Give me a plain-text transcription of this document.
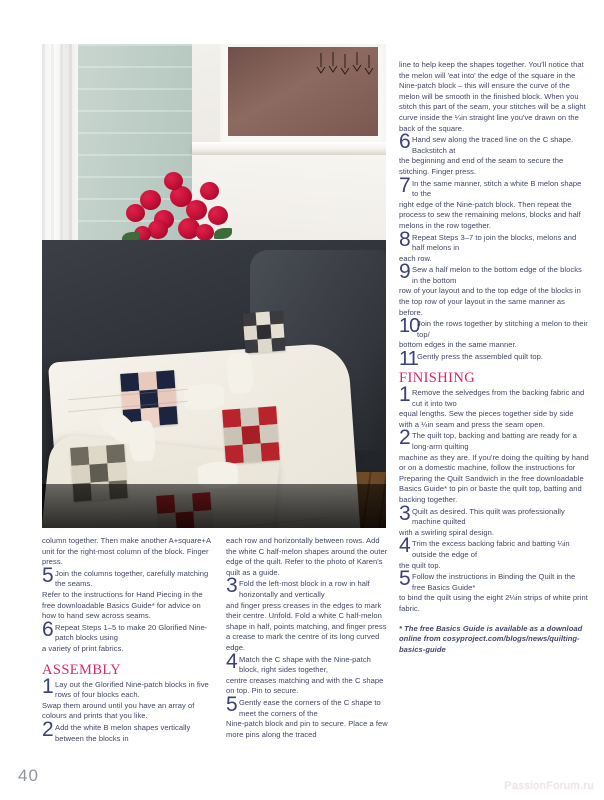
column together. Then make another A+square+A unit for the right-most column of the block. Finger press.

5 Join the columns together, carefully matching the seams.

Refer to the instructions for Hand Piecing in the free downloadable Basics Guide* for advice on how to hand sew across seams.

6 Repeat Steps 1–5 to make 20 Glorified Nine-patch blocks using

a variety of print fabrics.

ASSEMBLY
1 Lay out the Glorified Nine-patch blocks in five rows of four blocks each.

Swap them around until you have an array of colours and prints that you like.

2 Add the white B melon shapes vertically between the blocks in

each row and horizontally between rows. Add the white C half-melon shapes around the outer edge of the quilt. Refer to the photo of Karen's quilt as a guide.

3 Fold the left-most block in a row in half horizontally and vertically

and finger press creases in the edges to mark their centre. Unfold. Fold a white C half-melon shape in half, points matching, and finger press a crease to mark the centre of its long curved edge.

4 Match the C shape with the Nine-patch block, right sides together,

centre creases matching and with the C shape on top. Pin to secure.

5 Gently ease the corners of the C shape to meet the corners of the

Nine-patch block and pin to secure. Place a few more pins along the traced

line to help keep the shapes together. You'll notice that the melon will 'eat into' the edge of the square in the Nine-patch block – this will ensure the curve of the melon will be smooth in the finished block. When you stitch this part of the seam, your stitches will be a slight curve inside the ¼in straight line you've drawn on the back of the square.

6 Hand sew along the traced line on the C shape. Backstitch at

the beginning and end of the seam to secure the stitching. Finger press.

7 In the same manner, stitch a white B melon shape to the

right edge of the Nine-patch block. Then repeat the process to sew the remaining melons, blocks and half melons in the row together.

8 Repeat Steps 3–7 to join the blocks, melons and half melons in

each row.

9 Sew a half melon to the bottom edge of the blocks in the bottom

row of your layout and to the top edge of the blocks in the top row of your layout in the same manner as before.

10

Join the rows together by stitching a melon to their top/

bottom edges in the same manner.

11 Gently press the assembled quilt top.

FINISHING
1 Remove the selvedges from the backing fabric and cut it into two

equal lengths. Sew the pieces together side by side with a ¼in seam and press the seam open.

2 The quilt top, backing and batting are ready for a long-arm quilting

machine as they are. If you're doing the quilting by hand or on a domestic machine, follow the instructions for Preparing the Quilt Sandwich in the free downloadable Basics Guide* to pin or baste the quilt top, batting and backing together.

3 Quilt as desired. This quilt was professionally machine quilted

with a swirling spiral design.

4 Trim the excess backing fabric and batting ¼in outside the edge of

the quilt top.

5 Follow the instructions in Binding the Quilt in the free Basics Guide*

to bind the quilt using the eight 2¼in strips of white print fabric.

* The free Basics Guide is available as a download online from cosyproject.com/blogs/news/quilting-basics-guide

40
PassionForum.ru
